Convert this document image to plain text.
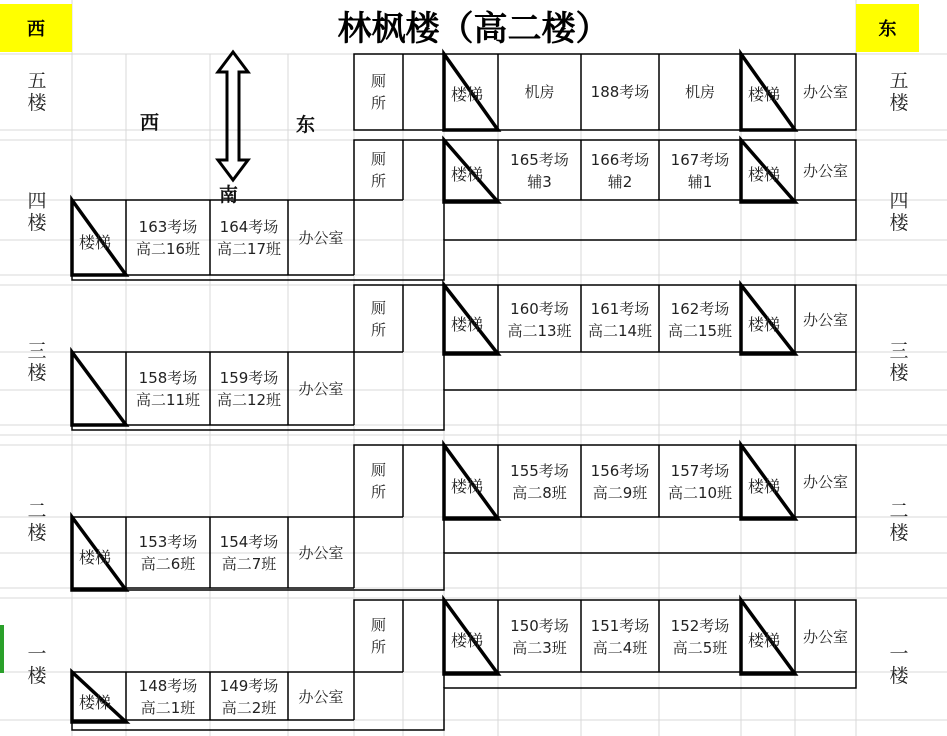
西	东
林枫楼（高二楼）
西	东
南
五
楼
四
楼
三
楼
二
楼
一
楼
五
楼
四
楼
三
楼
二
楼
一
楼
厕
所	楼梯	机房 188考场 机房 楼梯	办公室
厕
所	楼梯
165考场
辅3
166考场
辅2
167考场
辅1 楼梯	办公室
楼梯
163考场
高二16班
164考场
高二17班
办公室
厕
所	楼梯
160考场
高二13班
161考场
高二14班
162考场
高二15班 楼梯	办公室
158考场
高二11班
159考场
高二12班
办公室
厕
所	楼梯
155考场
高二8班
156考场
高二9班
157考场
高二10班 楼梯	办公室
楼梯
153考场
高二6班
154考场
高二7班
办公室
厕
所	楼梯
150考场
高二3班
151考场
高二4班
152考场
高二5班 楼梯	办公室
楼梯
148考场
高二1班
149考场
高二2班
办公室
